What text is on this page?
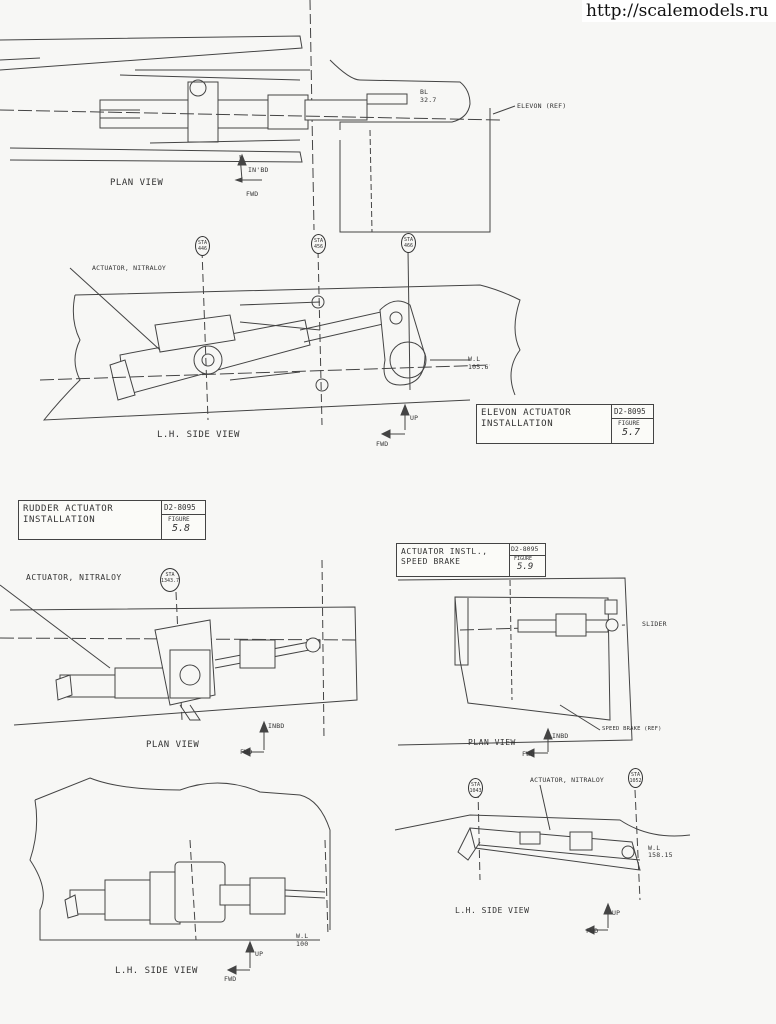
http://scalemodels.ru
PLAN VIEW
BL
32.7
ELEVON (REF)
IN'BD
FWD
ACTUATOR, NITRALOY
STA
446
STA
456
STA
466
W.L
105.6
L.H. SIDE VIEW
UP
FWD
ELEVON ACTUATOR
INSTALLATION
D2-8095
FIGURE
5.7
RUDDER ACTUATOR
INSTALLATION
D2-8095
FIGURE
5.8
ACTUATOR, NITRALOY	STA
1343.7
PLAN VIEW
INBD
FWD
W.L
100
L.H. SIDE VIEW
UP
FWD
ACTUATOR INSTL.,
SPEED BRAKE
D2-8095
FIGURE
5.9
SLIDER
SPEED BRAKE (REF)
PLAN VIEW
INBD
FWD
ACTUATOR, NITRALOY
STA
1043
STA
1052
W.L
158.15
L.H. SIDE VIEW	UP
FWD
